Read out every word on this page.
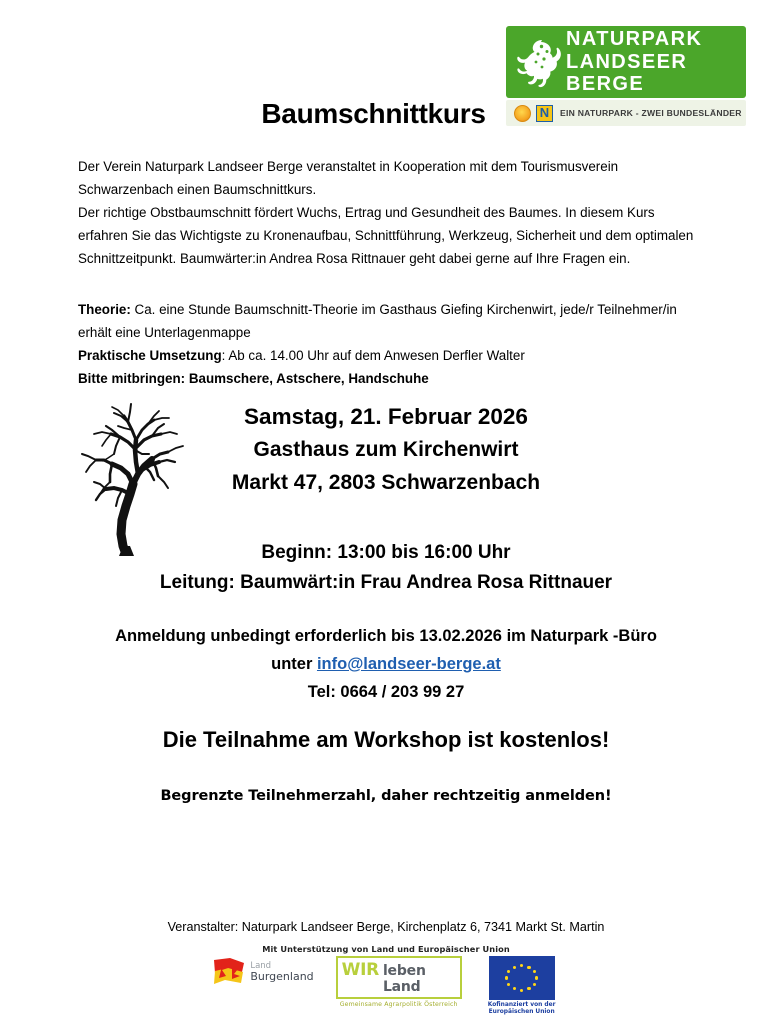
NATURPARK
LANDSEER BERGE
N	EIN NATURPARK - ZWEI BUNDESLÄNDER
Baumschnittkurs
Der Verein Naturpark Landseer Berge veranstaltet in Kooperation mit dem Tourismusverein Schwarzenbach einen Baumschnittkurs.
Der richtige Obstbaumschnitt fördert Wuchs, Ertrag und Gesundheit des Baumes. In diesem Kurs erfahren Sie das Wichtigste zu Kronenaufbau, Schnittführung, Werkzeug, Sicherheit und dem optimalen Schnittzeitpunkt. Baumwärter:in Andrea Rosa Rittnauer geht dabei gerne auf Ihre Fragen ein.
Theorie: Ca. eine Stunde Baumschnitt-Theorie im Gasthaus Giefing Kirchenwirt, jede/r Teilnehmer/in erhält eine Unterlagenmappe
Praktische Umsetzung: Ab ca. 14.00 Uhr auf dem Anwesen Derfler Walter
Bitte mitbringen: Baumschere, Astschere, Handschuhe
Samstag, 21. Februar 2026
Gasthaus zum Kirchenwirt
Markt 47, 2803 Schwarzenbach
Beginn: 13:00 bis 16:00 Uhr
Leitung: Baumwärt:in Frau Andrea Rosa Rittnauer
Anmeldung unbedingt erforderlich bis 13.02.2026 im Naturpark -Büro
unter info@landseer-berge.at
Tel: 0664 / 203 99 27
Die Teilnahme am Workshop ist kostenlos!
Begrenzte Teilnehmerzahl, daher rechtzeitig anmelden!
Veranstalter: Naturpark Landseer Berge, Kirchenplatz 6, 7341 Markt St. Martin
Mit Unterstützung von Land und Europäischer Union
Land
Burgenland WIR leben Land
Gemeinsame Agrarpolitik Österreich	Kofinanziert von der
Europäischen Union
